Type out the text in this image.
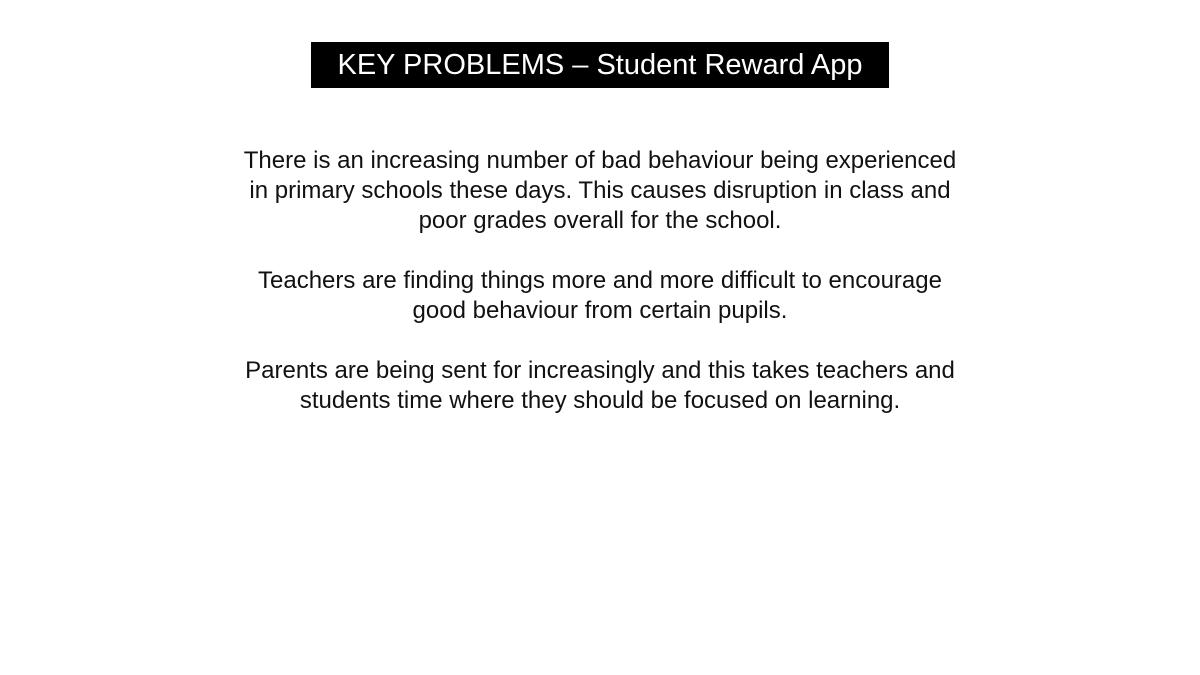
KEY PROBLEMS – Student Reward App

There is an increasing number of bad behaviour being experienced
in primary schools these days. This causes disruption in class and
poor grades overall for the school.

Teachers are finding things more and more difficult to encourage
good behaviour from certain pupils.

Parents are being sent for increasingly and this takes teachers and
students time where they should be focused on learning.
